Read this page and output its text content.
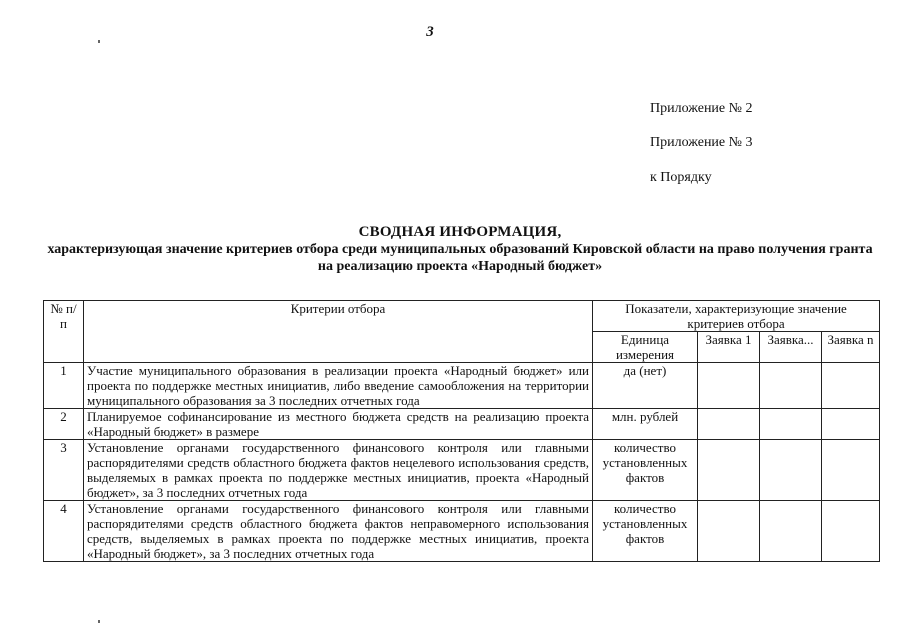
3
Приложение № 2
Приложение № 3
к Порядку
СВОДНАЯ ИНФОРМАЦИЯ,
характеризующая значение критериев отбора среди муниципальных образований Кировской области на право получения гранта на реализацию проекта «Народный бюджет»
№ п/п	Критерии отбора	Показатели, характеризующие значение критериев отбора			
		Единица измерения	Заявка 1	Заявка...	Заявка n
1	Участие муниципального образования в реализации проекта «Народный бюджет» или проекта по поддержке местных инициатив, либо введение самообложения на территории муниципального образования за 3 последних отчетных года	да (нет)			
2	Планируемое софинансирование из местного бюджета средств на реализацию проекта «Народный бюджет» в размере	млн. рублей			
3	Установление органами государственного финансового контроля или главными распорядителями средств областного бюджета фактов нецелевого использования средств, выделяемых в рамках проекта по поддержке местных инициатив, проекта «Народный бюджет», за 3 последних отчетных года	количество установленных фактов			
4	Установление органами государственного финансового контроля или главными распорядителями средств областного бюджета фактов неправомерного использования средств, выделяемых в рамках проекта по поддержке местных инициатив, проекта «Народный бюджет», за 3 последних отчетных года	количество установленных фактов			
